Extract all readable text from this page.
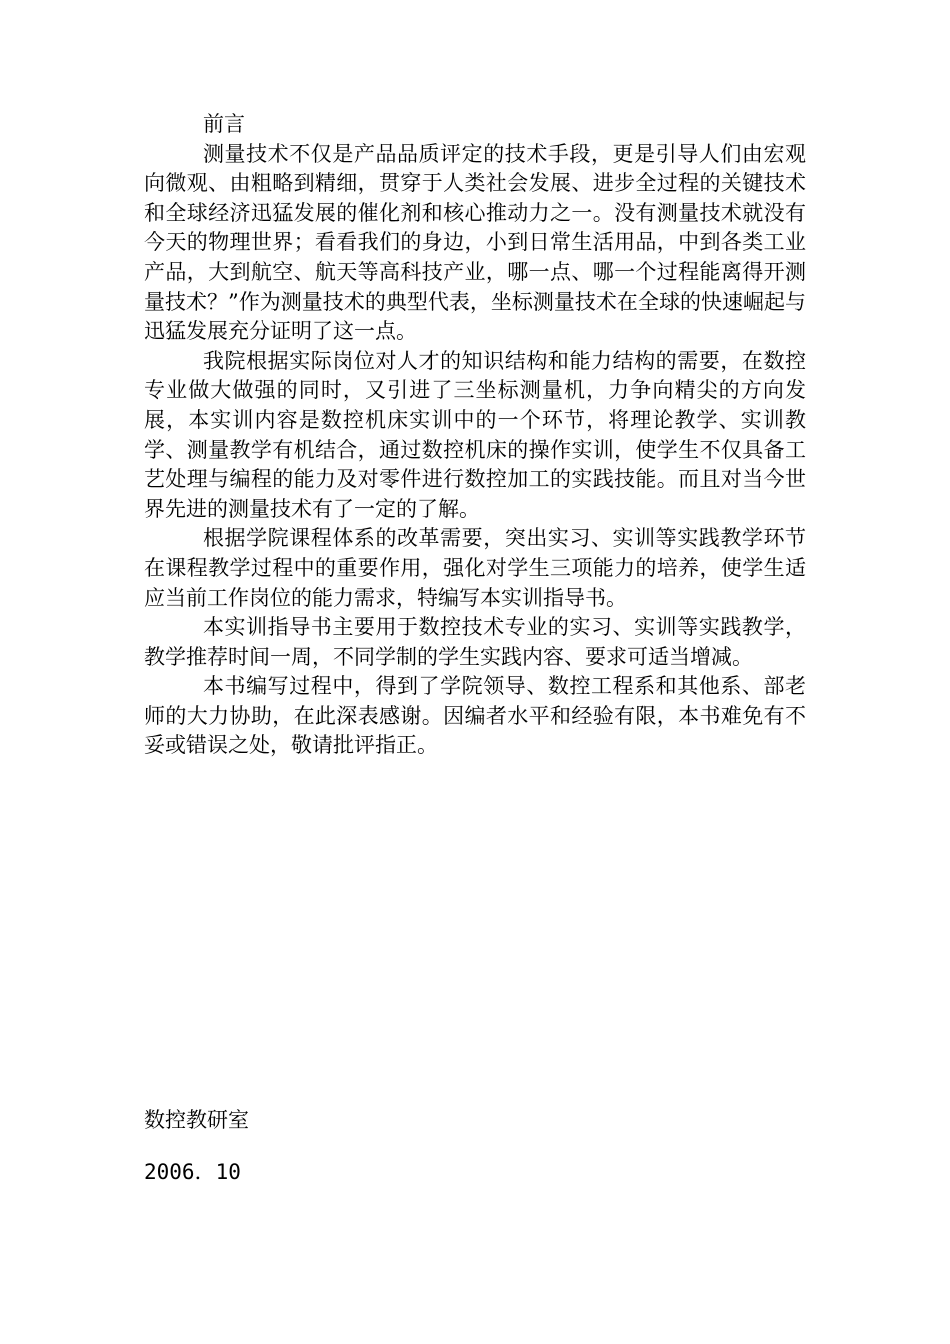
前言

测量技术不仅是产品品质评定的技术手段，更是引导人们由宏观向微观、由粗略到精细，贯穿于人类社会发展、进步全过程的关键技术和全球经济迅猛发展的催化剂和核心推动力之一。没有测量技术就没有今天的物理世界；看看我们的身边，小到日常生活用品，中到各类工业产品，大到航空、航天等高科技产业，哪一点、哪一个过程能离得开测量技术？”作为测量技术的典型代表，坐标测量技术在全球的快速崛起与迅猛发展充分证明了这一点。

我院根据实际岗位对人才的知识结构和能力结构的需要，在数控专业做大做强的同时，又引进了三坐标测量机，力争向精尖的方向发展，本实训内容是数控机床实训中的一个环节，将理论教学、实训教学、测量教学有机结合，通过数控机床的操作实训，使学生不仅具备工艺处理与编程的能力及对零件进行数控加工的实践技能。而且对当今世界先进的测量技术有了一定的了解。

根据学院课程体系的改革需要，突出实习、实训等实践教学环节在课程教学过程中的重要作用，强化对学生三项能力的培养，使学生适应当前工作岗位的能力需求，特编写本实训指导书。

本实训指导书主要用于数控技术专业的实习、实训等实践教学，教学推荐时间一周，不同学制的学生实践内容、要求可适当增减。

本书编写过程中，得到了学院领导、数控工程系和其他系、部老师的大力协助，在此深表感谢。因编者水平和经验有限，本书难免有不妥或错误之处，敬请批评指正。

数控教研室

2006．10
